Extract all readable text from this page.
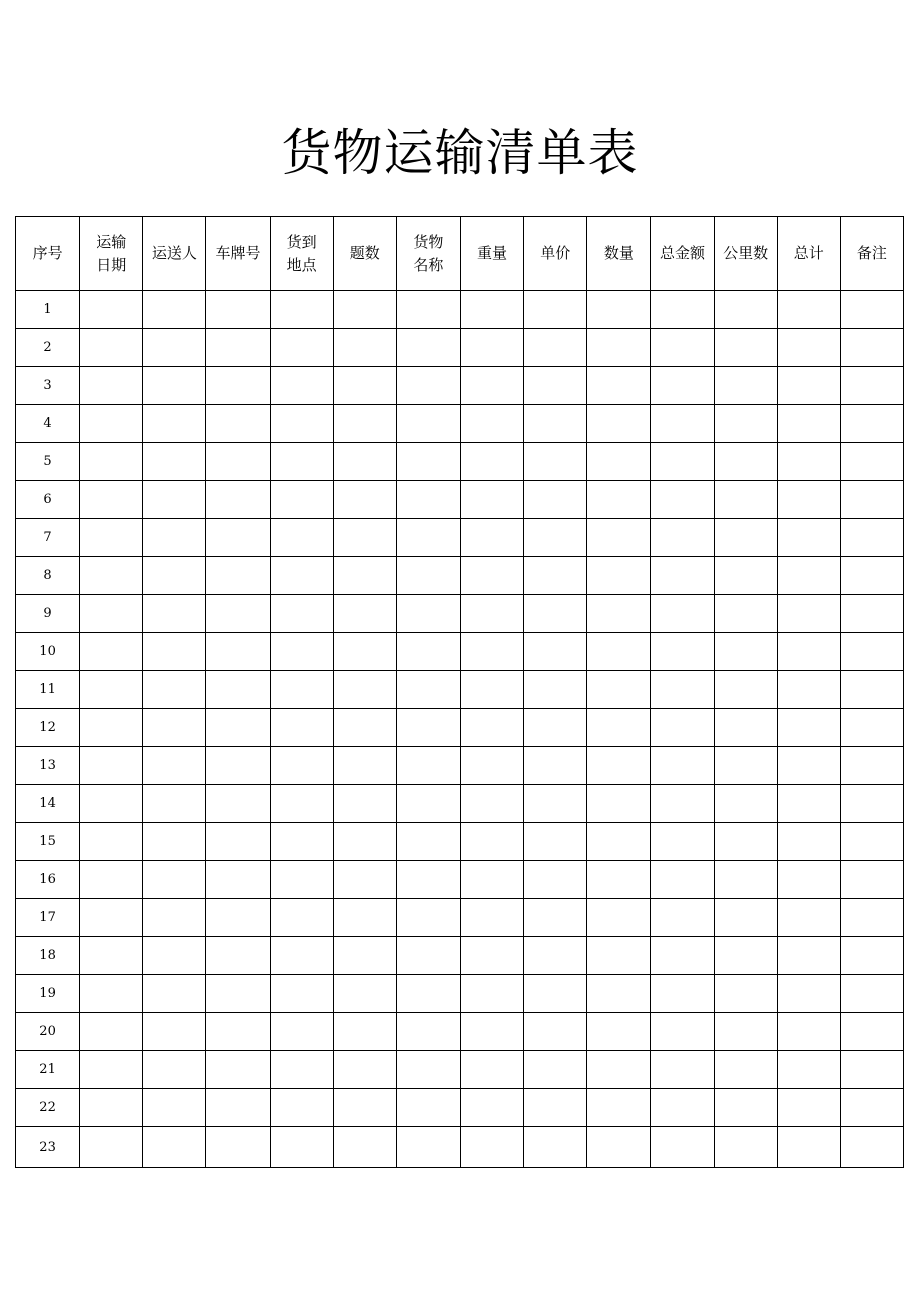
货物运输清单表
序号	运输日期	运送人	车牌号	货到地点	题数	货物名称	重量	单价	数量	总金额	公里数	总计	备注
1													
2													
3													
4													
5													
6													
7													
8													
9													
10													
11													
12													
13													
14													
15													
16													
17													
18													
19													
20													
21													
22													
23													
